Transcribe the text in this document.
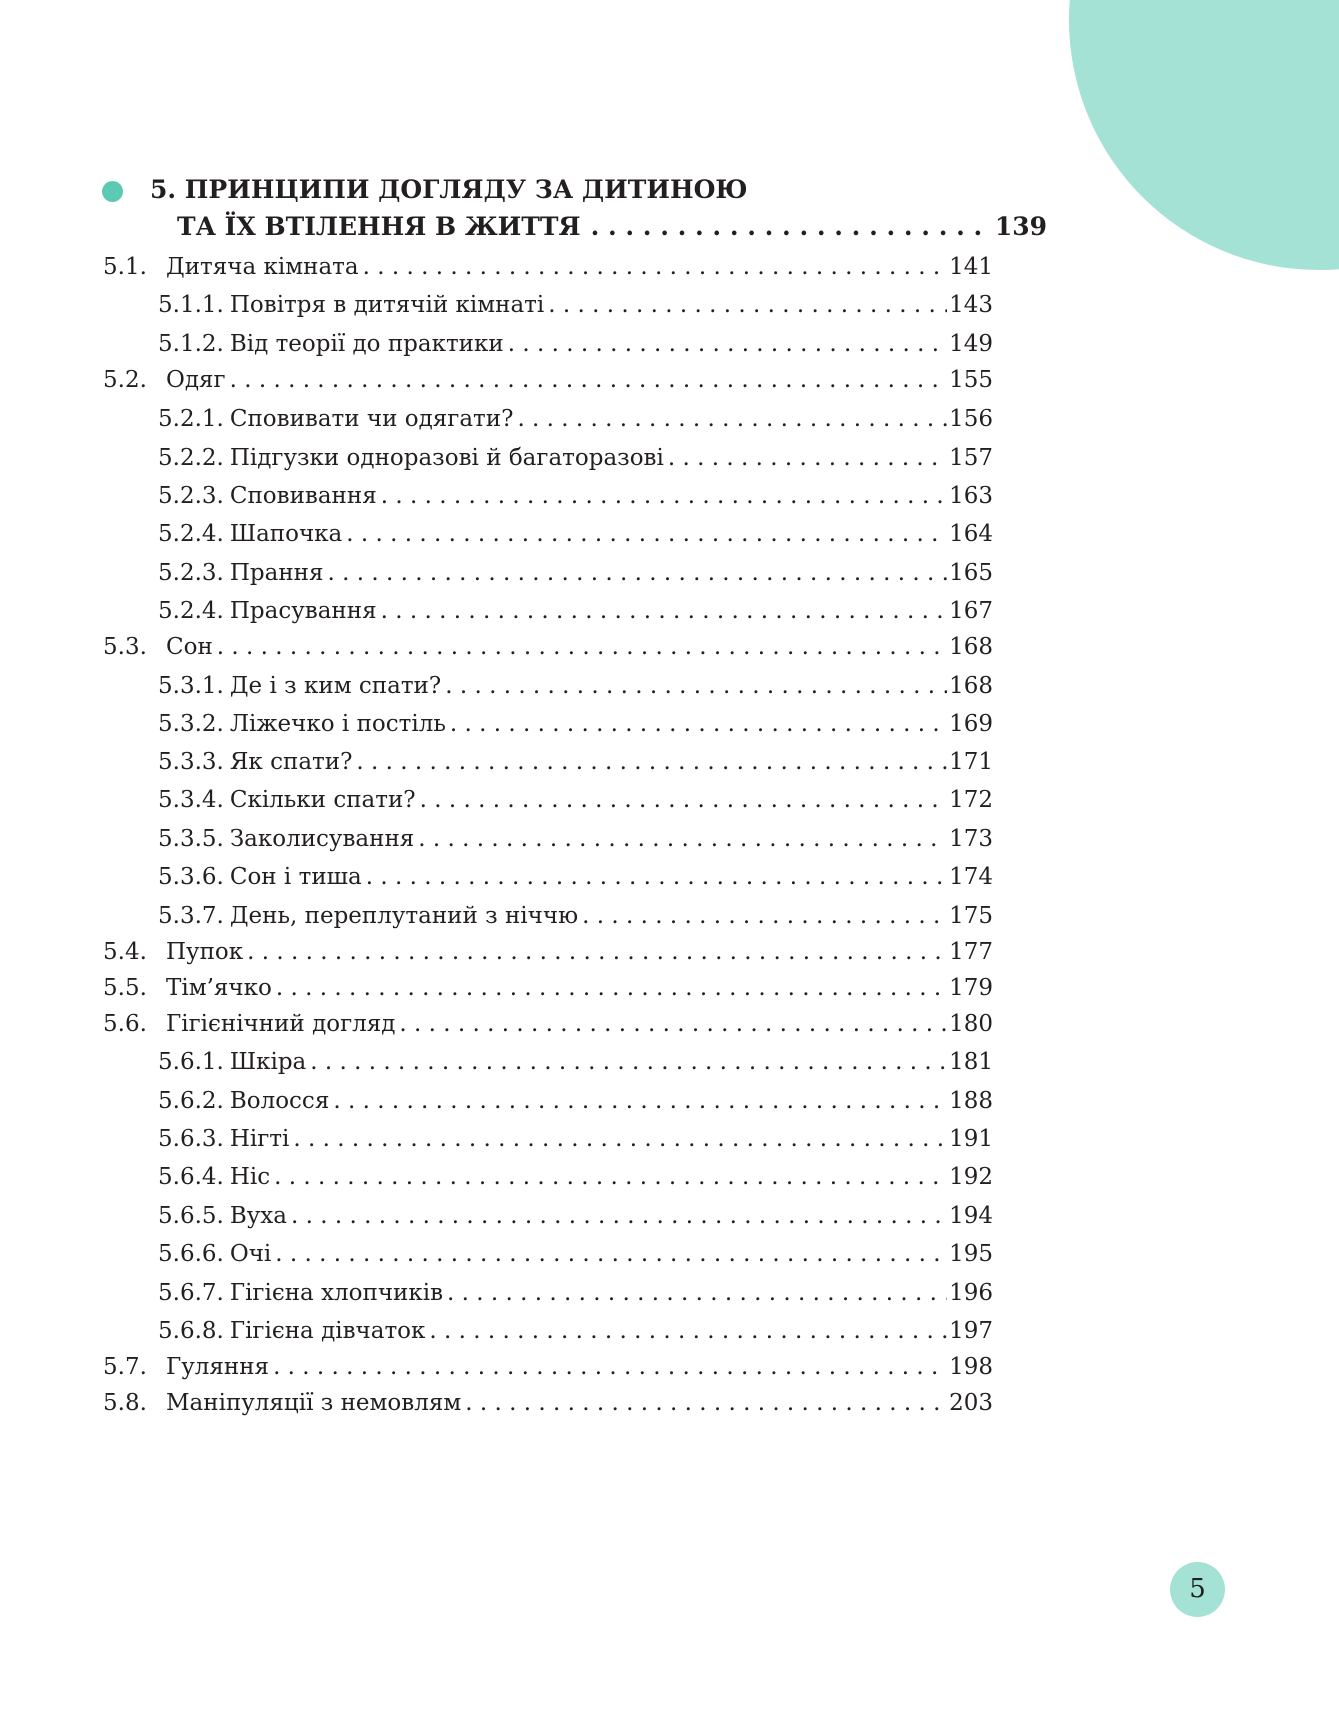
5. ПРИНЦИПИ ДОГЛЯДУ ЗА ДИТИНОЮ
ТА ЇХ ВТІЛЕННЯ В ЖИТТЯ . . .	139
5.1. Дитяча кімната . . .	141
5.1.1. Повітря в дитячій кімнаті . . .	143
5.1.2. Від теорії до практики . . .	149
5.2. Одяг . . .	155
5.2.1. Сповивати чи одягати? . . .	156
5.2.2. Підгузки одноразові й багаторазові . . .	157
5.2.3. Сповивання . . .	163
5.2.4. Шапочка . . .	164
5.2.3. Прання . . .	165
5.2.4. Прасування . . .	167
5.3. Сон . . .	168
5.3.1. Де і з ким спати? . . .	168
5.3.2. Ліжечко і постіль . . .	169
5.3.3. Як спати? . . .	171
5.3.4. Скільки спати? . . .	172
5.3.5. Заколисування . . .	173
5.3.6. Сон і тиша . . .	174
5.3.7. День, переплутаний з ніччю . . .	175
5.4. Пупок . . .	177
5.5. Тім’ячко . . .	179
5.6. Гігієнічний догляд . . .	180
5.6.1. Шкіра . . .	181
5.6.2. Волосся . . .	188
5.6.3. Нігті . . .	191
5.6.4. Ніс . . .	192
5.6.5. Вуха . . .	194
5.6.6. Очі . . .	195
5.6.7. Гігієна хлопчиків . . .	196
5.6.8. Гігієна дівчаток . . .	197
5.7. Гуляння . . .	198
5.8. Маніпуляції з немовлям . . .	203
5
